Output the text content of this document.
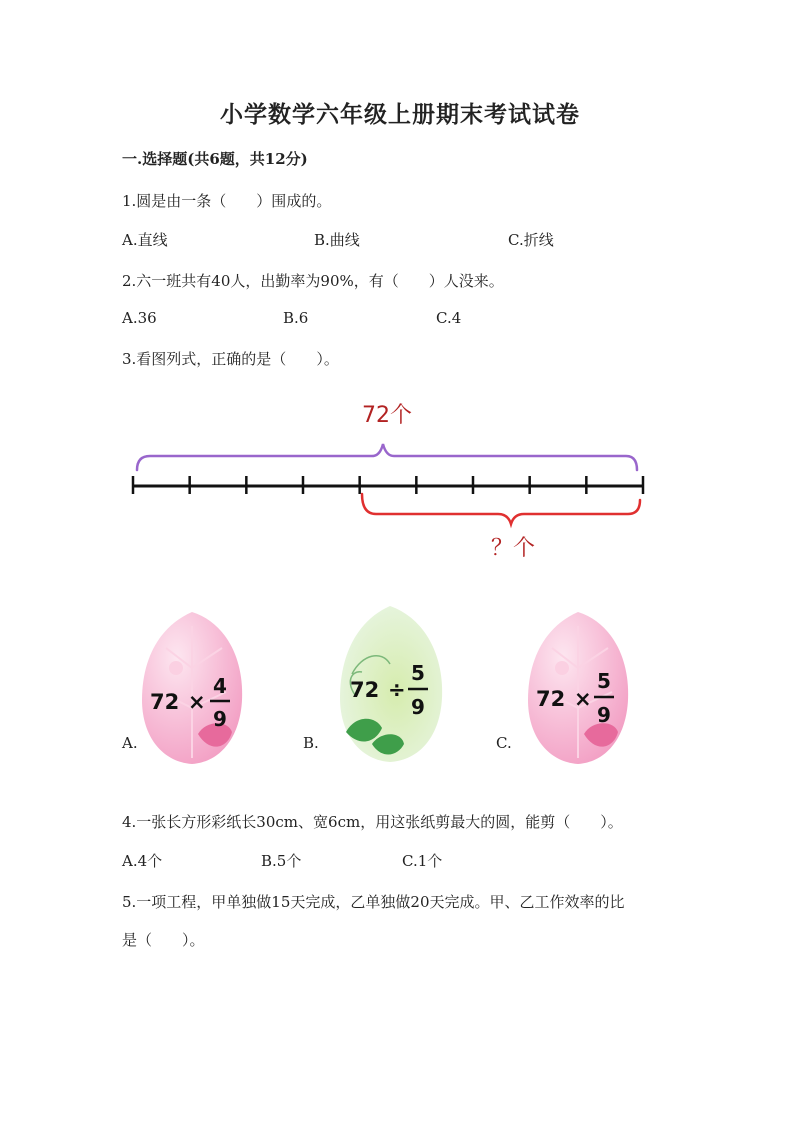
小学数学六年级上册期末考试试卷
一.选择题(共6题，共12分)
1.圆是由一条（　　）围成的。
A.直线	B.曲线	C.折线
2.六一班共有40人，出勤率为90%，有（　　）人没来。
A.36	B.6	C.4
3.看图列式，正确的是（　　）。
72个
？个
A.	B.	C.
72 ×
4
9
72 ÷
5
9	72 ×
5
9
4.一张长方形彩纸长30cm、宽6cm，用这张纸剪最大的圆，能剪（　　）。
A.4个	B.5个	C.1个
5.一项工程，甲单独做15天完成，乙单独做20天完成。甲、乙工作效率的比
是（　　）。
